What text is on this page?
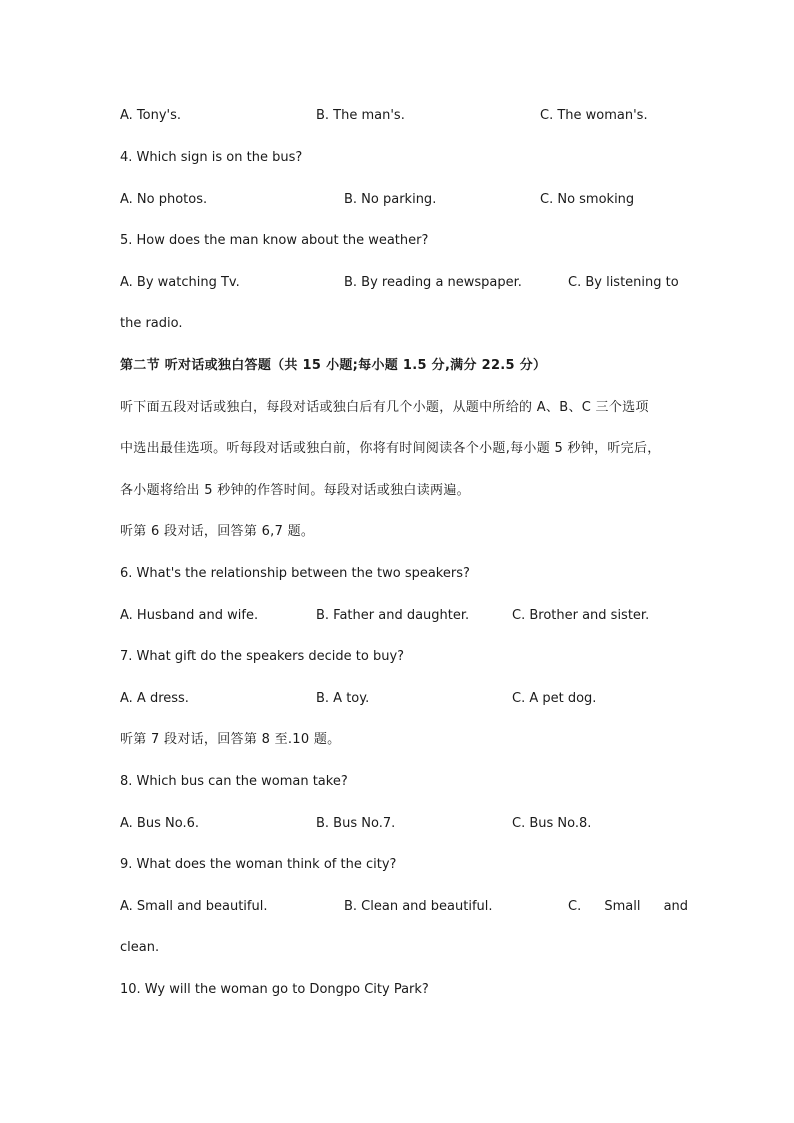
A. Tony's.	B. The man's.	C. The woman's.
4. Which sign is on the bus?
A. No photos.	B. No parking.	C. No smoking
5. How does the man know about the weather?
A. By watching Tv.	B. By reading a newspaper.	C. By listening to
the radio.
第二节 听对话或独白答题（共 15 小题;每小题 1.5 分,满分 22.5 分）
听下面五段对话或独白，每段对话或独白后有几个小题，从题中所给的 A、B、C 三个选项
中选出最佳选项。听每段对话或独白前，你将有时间阅读各个小题,每小题 5 秒钟，听完后，
各小题将给出 5 秒钟的作答时间。每段对话或独白读两遍。
听第 6 段对话，回答第 6,7 题。
6. What's the relationship between the two speakers?
A. Husband and wife.	B. Father and daughter.	C. Brother and sister.
7. What gift do the speakers decide to buy?
A. A dress.	B. A toy.	C. A pet dog.
听第 7 段对话，回答第 8 至.10 题。
8. Which bus can the woman take?
A. Bus No.6.	B. Bus No.7.	C. Bus No.8.
9. What does the woman think of the city?
A. Small and beautiful.	B. Clean and beautiful.	C. Small and
clean.
10. Wy will the woman go to Dongpo City Park?
